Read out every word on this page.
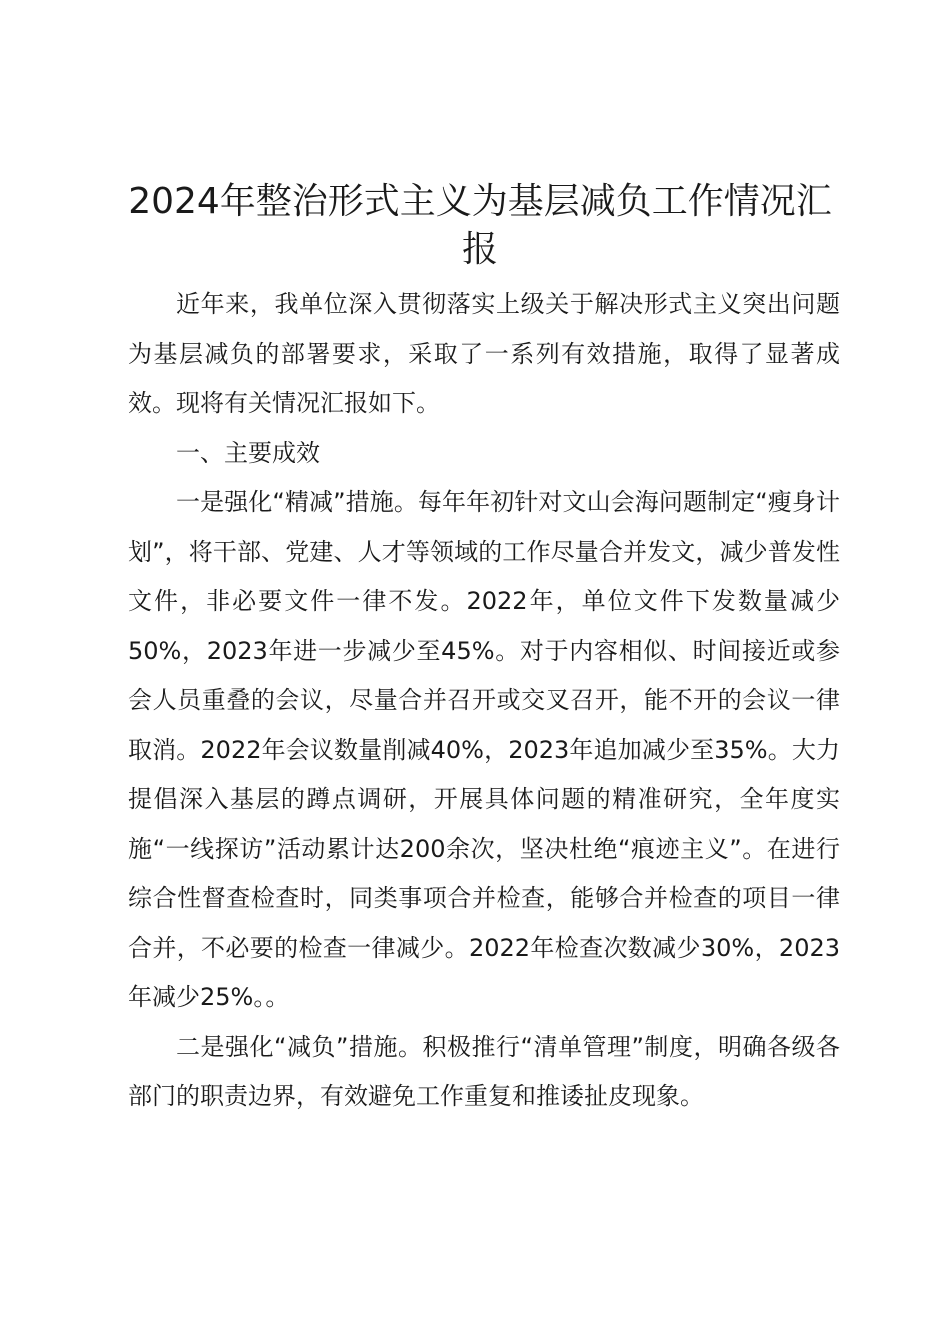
2024年整治形式主义为基层减负工作情况汇报

近年来，我单位深入贯彻落实上级关于解决形式主义突出问题为基层减负的部署要求，采取了一系列有效措施，取得了显著成效。现将有关情况汇报如下。

一、主要成效

一是强化“精减”措施。每年年初针对文山会海问题制定“瘦身计划”，将干部、党建、人才等领域的工作尽量合并发文，减少普发性文件，非必要文件一律不发。2022年，单位文件下发数量减少50%，2023年进一步减少至45%。对于内容相似、时间接近或参会人员重叠的会议，尽量合并召开或交叉召开，能不开的会议一律取消。2022年会议数量削减40%，2023年追加减少至35%。大力提倡深入基层的蹲点调研，开展具体问题的精准研究，全年度实施“一线探访”活动累计达200余次，坚决杜绝“痕迹主义”。在进行综合性督查检查时，同类事项合并检查，能够合并检查的项目一律合并，不必要的检查一律减少。2022年检查次数减少30%，2023年减少25%。。

二是强化“减负”措施。积极推行“清单管理”制度，明确各级各部门的职责边界，有效避免工作重复和推诿扯皮现象。
